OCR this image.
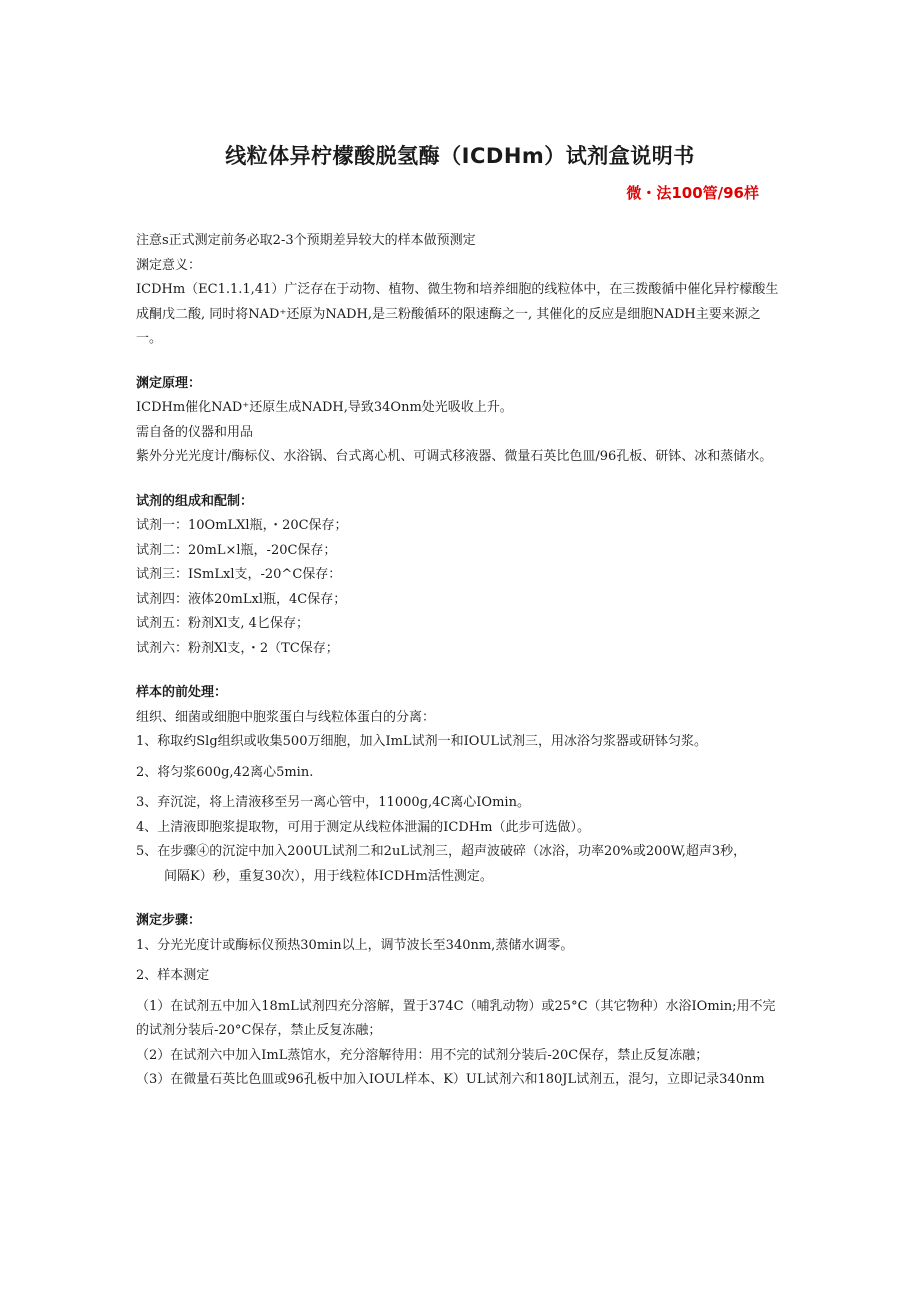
线粒体异柠檬酸脱氢酶（ICDHm）试剂盒说明书
微・法100管/96样

注意s正式测定前务必取2-3个预期差异较大的样本做预测定

渊定意义：

ICDHm（EC1.1.1,41）广泛存在于动物、植物、微生物和培养细胞的线粒体中，在三拨酸循中催化异柠檬酸生成酮戊二酸, 同时将NAD⁺还原为NADH,是三粉酸循环的限速酶之一, 其催化的反应是细胞NADH主要来源之一。

渊定原理：

ICDHm催化NAD⁺还原生成NADH,导致34Onm处光吸收上升。

需自备的仪器和用品

紫外分光光度计/酶标仪、水浴锅、台式离心机、可调式移液器、微量石英比色皿/96孔板、研钵、冰和蒸储水。

试剂的组成和配制：

试剂一：10OmLXl瓶，・20C保存；

试剂二：20mL×l瓶，-20C保存；

试剂三：ISmLxl支，-20^C保存：

试剂四：液体20mLxl瓶，4C保存；

试剂五：粉剂Xl支, 4匕保存；

试剂六：粉剂Xl支，・2（TC保存；

样本的前处理：

组织、细菌或细胞中胞浆蛋白与线粒体蛋白的分离：

1、称取约Slg组织或收集500万细胞，加入ImL试剂一和IOUL试剂三，用冰浴匀浆器或研钵匀浆。

2、将匀浆600g,42离心5min.

3、弃沉淀，将上清液移至另一离心管中，11000g,4C离心IOmin。

4、上清液即胞浆提取物，可用于测定从线粒体泄漏的ICDHm（此步可选做）。

5、在步骤④的沉淀中加入200UL试剂二和2uL试剂三，超声波破碎（冰浴，功率20%或200W,超声3秒，

间隔K）秒，重复30次），用于线粒体ICDHm活性测定。

渊定步骤：

1、分光光度计或酶标仪预热30min以上，调节波长至340nm,蒸储水调零。

2、样本测定

（1）在试剂五中加入18mL试剂四充分溶解，置于374C（哺乳动物）或25°C（其它物种）水浴IOmin;用不完的试剂分装后-20°C保存，禁止反复冻融；

（2）在试剂六中加入ImL蒸馆水，充分溶解待用：用不完的试剂分装后-20C保存，禁止反复冻融；

（3）在微量石英比色皿或96孔板中加入IOUL样本、K）UL试剂六和180JL试剂五，混匀，立即记录340nm
